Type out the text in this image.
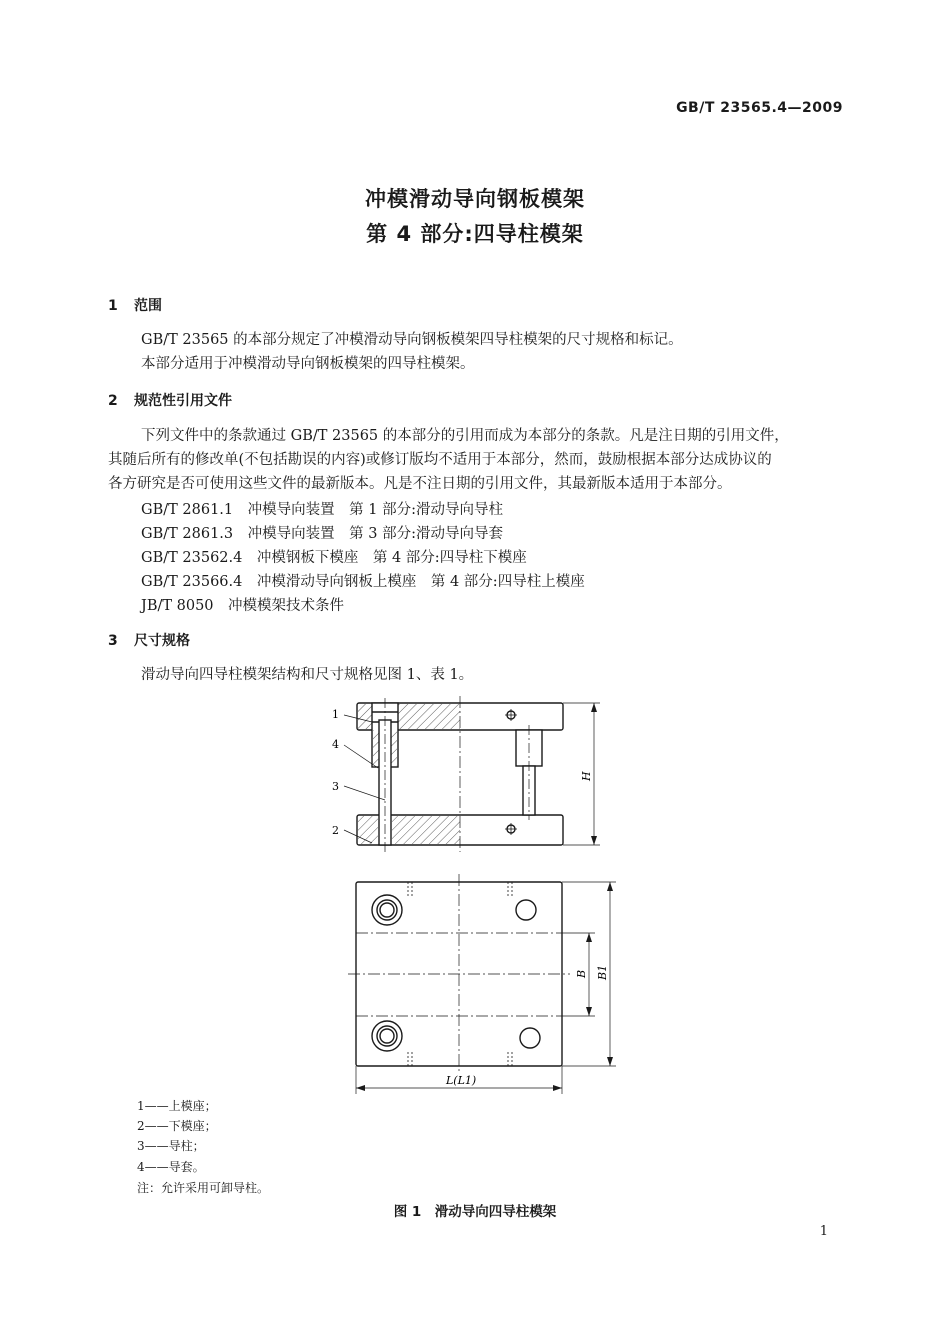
GB/T 23565.4—2009
冲模滑动导向钢板模架
第 4 部分:四导柱模架
1 范围
GB/T 23565 的本部分规定了冲模滑动导向钢板模架四导柱模架的尺寸规格和标记。
本部分适用于冲模滑动导向钢板模架的四导柱模架。
2 规范性引用文件
下列文件中的条款通过 GB/T 23565 的本部分的引用而成为本部分的条款。凡是注日期的引用文件，
其随后所有的修改单(不包括勘误的内容)或修订版均不适用于本部分，然而，鼓励根据本部分达成协议的
各方研究是否可使用这些文件的最新版本。凡是不注日期的引用文件，其最新版本适用于本部分。
GB/T 2861.1　冲模导向装置　第 1 部分:滑动导向导柱
GB/T 2861.3　冲模导向装置　第 3 部分:滑动导向导套
GB/T 23562.4　冲模钢板下模座　第 4 部分:四导柱下模座
GB/T 23566.4　冲模滑动导向钢板上模座　第 4 部分:四导柱上模座
JB/T 8050　冲模模架技术条件
3 尺寸规格
滑动导向四导柱模架结构和尺寸规格见图 1、表 1。
1
4
3
2
H
B B1
L(L1)
1——上模座；
2——下模座；
3——导柱；
4——导套。
注：允许采用可卸导柱。
图 1　滑动导向四导柱模架
1
